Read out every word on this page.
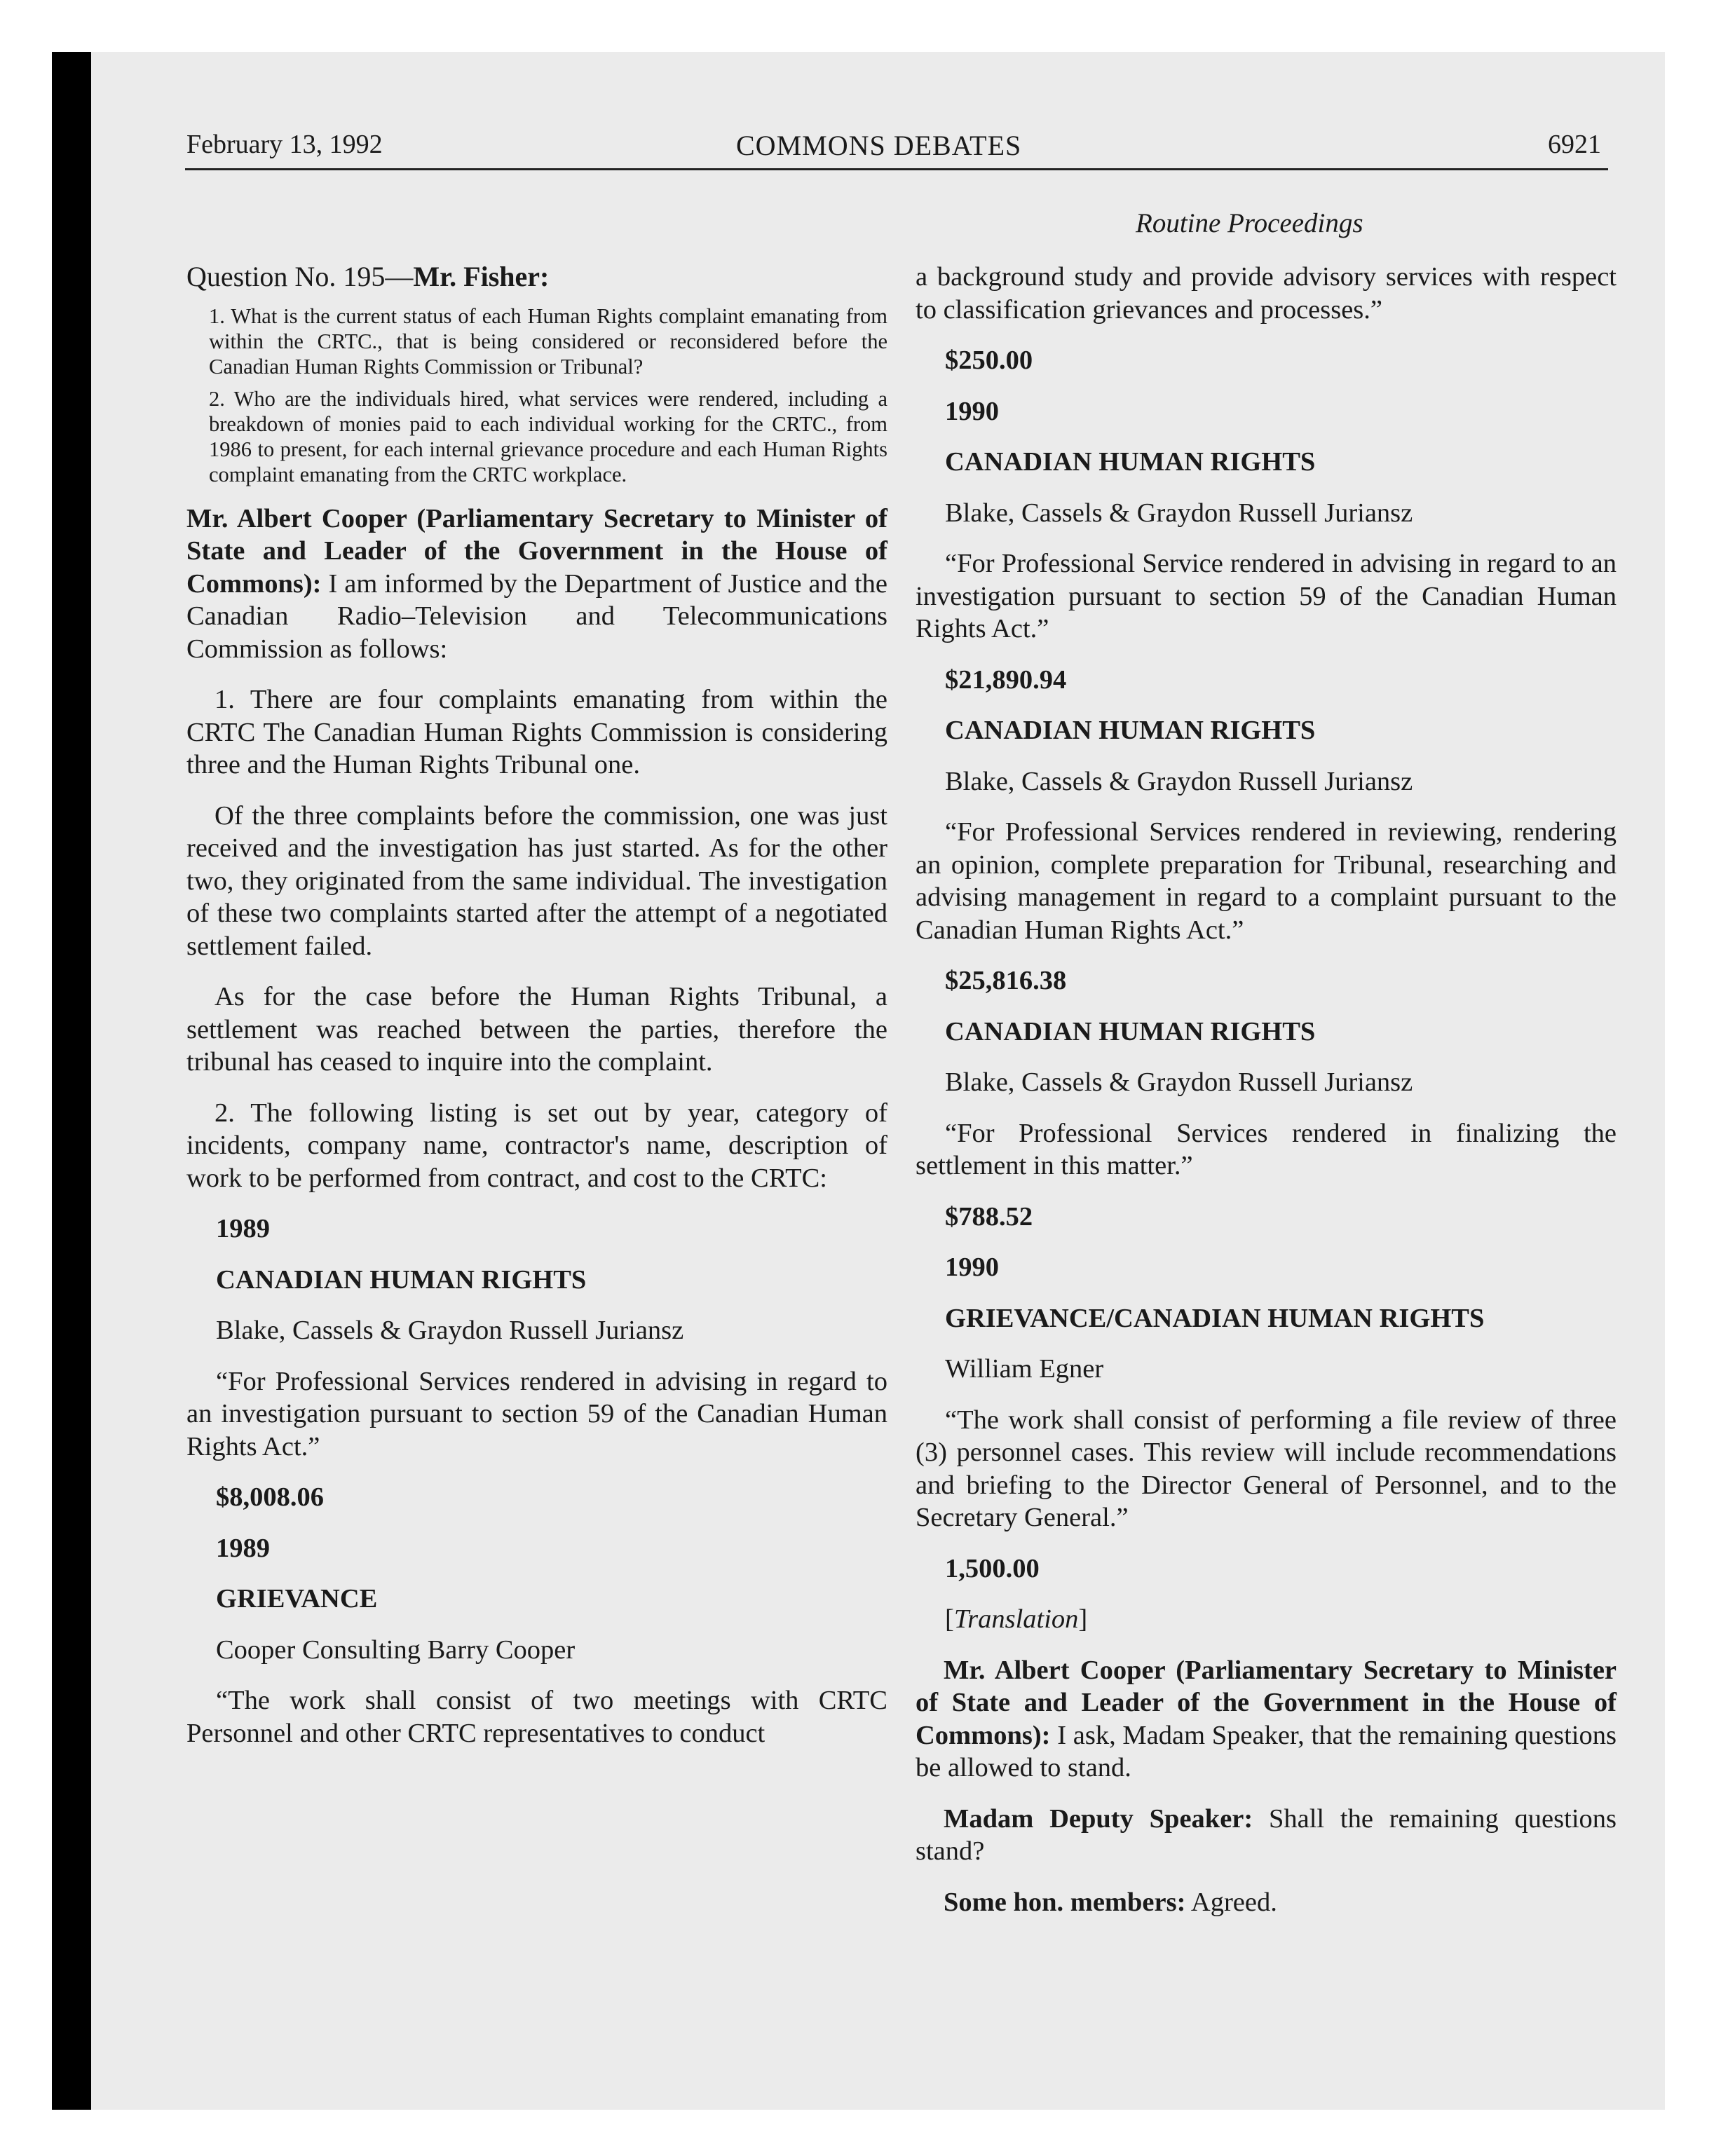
February 13, 1992	COMMONS DEBATES	6921
Routine Proceedings

Question No. 195—Mr. Fisher:

1. What is the current status of each Human Rights complaint emanating from within the CRTC., that is being considered or reconsidered before the Canadian Human Rights Commission or Tribunal?

2. Who are the individuals hired, what services were rendered, including a breakdown of monies paid to each individual working for the CRTC., from 1986 to present, for each internal grievance procedure and each Human Rights complaint emanating from the CRTC workplace.

Mr. Albert Cooper (Parliamentary Secretary to Minister of State and Leader of the Government in the House of Commons): I am informed by the Department of Justice and the Canadian Radio–Television and Telecommunications Commission as follows:

1. There are four complaints emanating from within the CRTC The Canadian Human Rights Commission is considering three and the Human Rights Tribunal one.

Of the three complaints before the commission, one was just received and the investigation has just started. As for the other two, they originated from the same individual. The investigation of these two complaints started after the attempt of a negotiated settlement failed.

As for the case before the Human Rights Tribunal, a settlement was reached between the parties, therefore the tribunal has ceased to inquire into the complaint.

2. The following listing is set out by year, category of incidents, company name, contractor's name, description of work to be performed from contract, and cost to the CRTC:

1989

CANADIAN HUMAN RIGHTS

Blake, Cassels & Graydon Russell Juriansz

“For Professional Services rendered in advising in regard to an investigation pursuant to section 59 of the Canadian Human Rights Act.”

$8,008.06

1989

GRIEVANCE

Cooper Consulting Barry Cooper

“The work shall consist of two meetings with CRTC Personnel and other CRTC representatives to conduct

a background study and provide advisory services with respect to classification grievances and processes.”

$250.00

1990

CANADIAN HUMAN RIGHTS

Blake, Cassels & Graydon Russell Juriansz

“For Professional Service rendered in advising in regard to an investigation pursuant to section 59 of the Canadian Human Rights Act.”

$21,890.94

CANADIAN HUMAN RIGHTS

Blake, Cassels & Graydon Russell Juriansz

“For Professional Services rendered in reviewing, rendering an opinion, complete preparation for Tribunal, researching and advising management in regard to a complaint pursuant to the Canadian Human Rights Act.”

$25,816.38

CANADIAN HUMAN RIGHTS

Blake, Cassels & Graydon Russell Juriansz

“For Professional Services rendered in finalizing the settlement in this matter.”

$788.52

1990

GRIEVANCE/CANADIAN HUMAN RIGHTS

William Egner

“The work shall consist of performing a file review of three (3) personnel cases. This review will include recommendations and briefing to the Director General of Personnel, and to the Secretary General.”

1,500.00

[Translation]

Mr. Albert Cooper (Parliamentary Secretary to Minister of State and Leader of the Government in the House of Commons): I ask, Madam Speaker, that the remaining questions be allowed to stand.

Madam Deputy Speaker: Shall the remaining questions stand?

Some hon. members: Agreed.
